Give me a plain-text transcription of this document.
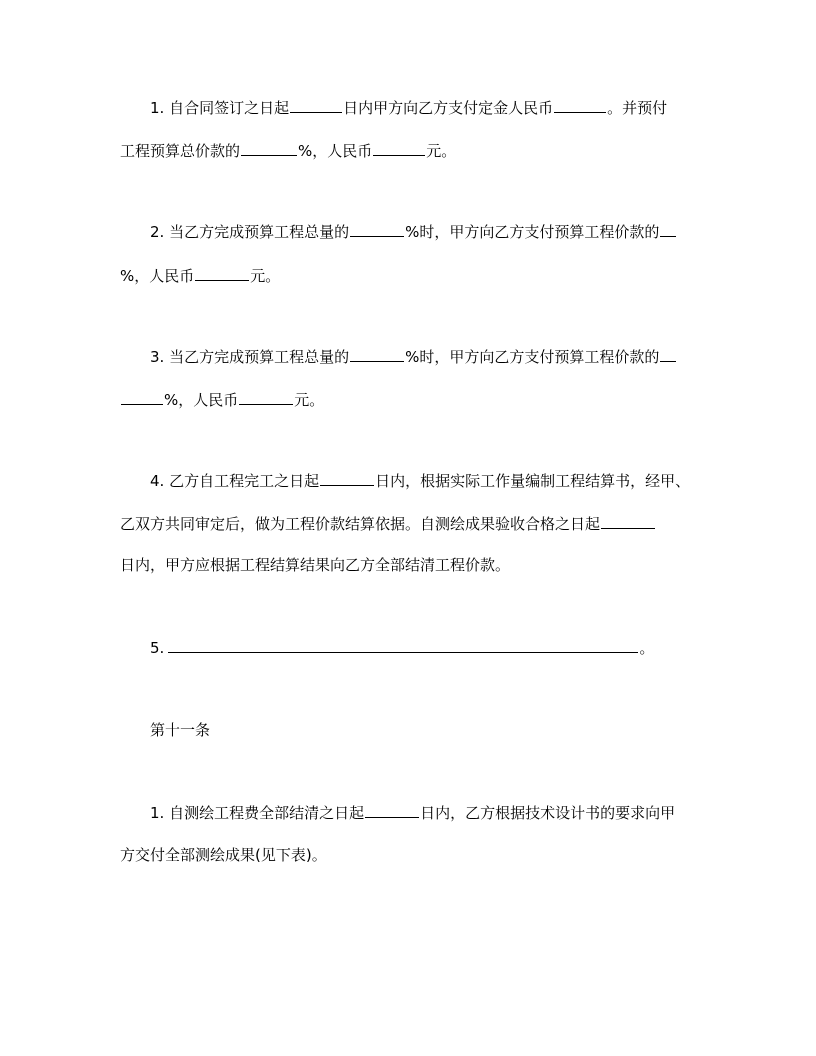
1. 自合同签订之日起	日内甲方向乙方支付定金人民币	。并预付
工程预算总价款的	%，人民币	元。
2. 当乙方完成预算工程总量的	%时，甲方向乙方支付预算工程价款的
%，人民币	元。
3. 当乙方完成预算工程总量的	%时，甲方向乙方支付预算工程价款的
%，人民币	元。
4. 乙方自工程完工之日起	日内，根据实际工作量编制工程结算书，经甲、
乙双方共同审定后，做为工程价款结算依据。自测绘成果验收合格之日起
日内，甲方应根据工程结算结果向乙方全部结清工程价款。
5.	。
第十一条
1. 自测绘工程费全部结清之日起	日内，乙方根据技术设计书的要求向甲
方交付全部测绘成果(见下表)。
